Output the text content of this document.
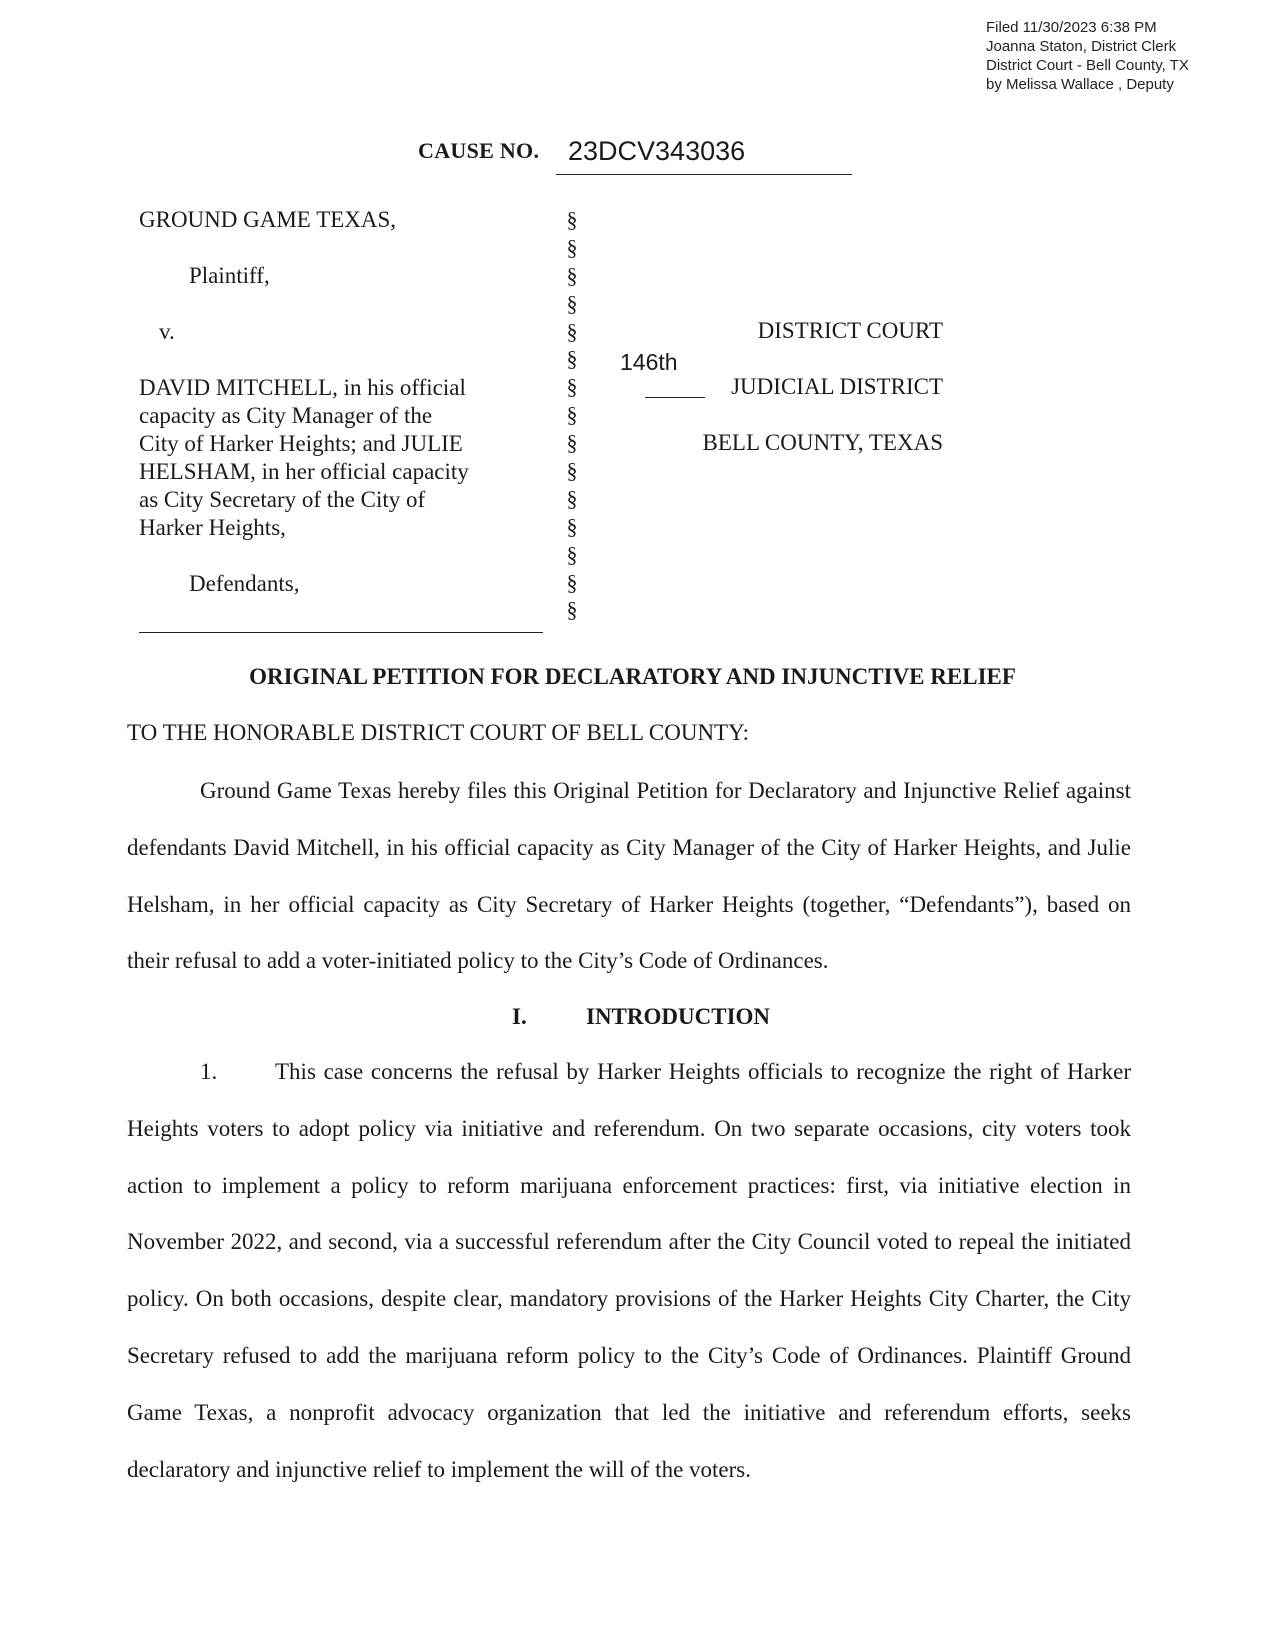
Filed 11/30/2023 6:38 PM
Joanna Staton, District Clerk
District Court - Bell County, TX
by Melissa Wallace , Deputy
CAUSE NO.	23DCV343036
GROUND GAME TEXAS,
Plaintiff,
v.
DAVID MITCHELL, in his official
capacity as City Manager of the
City of Harker Heights; and JULIE
HELSHAM, in her official capacity
as City Secretary of the City of
Harker Heights,
Defendants,
§
§
§
§
§
§
§
§
§
§
§
§
§
§
§
DISTRICT COURT
JUDICIAL DISTRICT
BELL COUNTY, TEXAS
146th
ORIGINAL PETITION FOR DECLARATORY AND INJUNCTIVE RELIEF
TO THE HONORABLE DISTRICT COURT OF BELL COUNTY:

Ground Game Texas hereby files this Original Petition for Declaratory and Injunctive Relief against defendants David Mitchell, in his official capacity as City Manager of the City of Harker Heights, and Julie Helsham, in her official capacity as City Secretary of Harker Heights (together, “Defendants”), based on their refusal to add a voter-initiated policy to the City’s Code of Ordinances.

I.	INTRODUCTION

1.	This case concerns the refusal by Harker Heights officials to recognize the right of Harker Heights voters to adopt policy via initiative and referendum. On two separate occasions, city voters took action to implement a policy to reform marijuana enforcement practices: first, via initiative election in November 2022, and second, via a successful referendum after the City Council voted to repeal the initiated policy. On both occasions, despite clear, mandatory provisions of the Harker Heights City Charter, the City Secretary refused to add the marijuana reform policy to the City’s Code of Ordinances. Plaintiff Ground Game Texas, a nonprofit advocacy organization that led the initiative and referendum efforts, seeks declaratory and injunctive relief to implement the will of the voters.
